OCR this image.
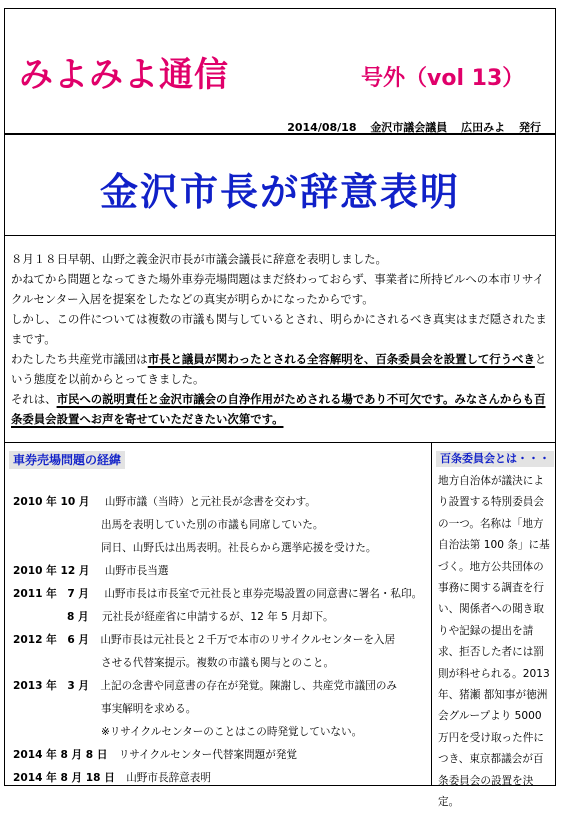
みよみよ通信	号外（vol 13）
2014/08/18 金沢市議会議員 広田みよ 発行
金沢市長が辞意表明

８月１８日早朝、山野之義金沢市長が市議会議長に辞意を表明しました。

かねてから問題となってきた場外車券売場問題はまだ終わっておらず、事業者に所持ビルへの本市リサイクルセンター入居を提案をしたなどの真実が明らかになったからです。

しかし、この件については複数の市議も関与しているとされ、明らかにされるべき真実はまだ隠されたままです。

わたしたち共産党市議団は市長と議員が関わったとされる全容解明を、百条委員会を設置して行うべきという態度を以前からとってきました。

それは、市民への説明責任と金沢市議会の自浄作用がためされる場であり不可欠です。みなさんからも百条委員会設置へお声を寄せていただきたい次第です。

車券売場問題の経緯
2010 年 10 月 山野市議（当時）と元社長が念書を交わす。
出馬を表明していた別の市議も同席していた。
同日、山野氏は出馬表明。社長らから選挙応援を受けた。
2010 年 12 月 山野市長当選
2011 年　7 月 山野市長は市長室で元社長と車券売場設置の同意書に署名・私印。
8 月 元社長が経産省に申請するが、12 年 5 月却下。
2012 年　6 月 山野市長は元社長と２千万で本市のリサイクルセンターを入居
させる代替案提示。複数の市議も関与とのこと。
2013 年　3 月 上記の念書や同意書の存在が発覚。陳謝し、共産党市議団のみ
事実解明を求める。
※リサイクルセンターのことはこの時発覚していない。
2014 年 8 月 8 日 リサイクルセンター代替案問題が発覚
2014 年 8 月 18 日 山野市長辞意表明
百条委員会とは・・・
地方自治体が議決により設置する特別委員会の一つ。名称は「地方自治法第 100 条」に基づく。地方公共団体の事務に関する調査を行い、関係者への聞き取りや記録の提出を請求、拒否した者には罰則が科せられる。2013 年、猪瀬 都知事が徳洲会グループより 5000 万円を受け取った件につき、東京都議会が百条委員会の設置を決定。
